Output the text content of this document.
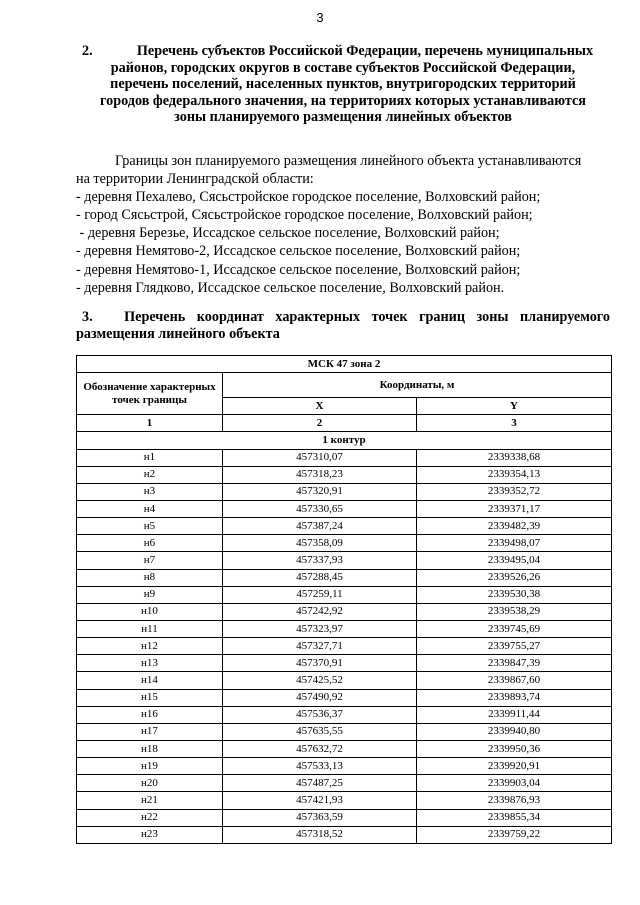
3
2.	Перечень субъектов Российской Федерации, перечень муниципальных
районов, городских округов в составе субъектов Российской Федерации,
перечень поселений, населенных пунктов, внутригородских территорий
городов федерального значения, на территориях которых устанавливаются
зоны планируемого размещения линейных объектов
Границы зон планируемого размещения линейного объекта устанавливаются
на территории Ленинградской области:
- деревня Пехалево, Сясьстройское городское поселение, Волховский район;
- город Сясьстрой, Сясьстройское городское поселение, Волховский район;
- деревня Березье, Иссадское сельское поселение, Волховский район;
- деревня Немятово-2, Иссадское сельское поселение, Волховский район;
- деревня Немятово-1, Иссадское сельское поселение, Волховский район;
- деревня Глядково, Иссадское сельское поселение, Волховский район.
3. Перечень координат характерных точек границ зоны планируемого
размещения линейного объекта
МСК 47 зона 2		
Обозначение характерных точек границы	Координаты, м	
	X	Y
1	2	3
1 контур		
н1	457310,07	2339338,68
н2	457318,23	2339354,13
н3	457320,91	2339352,72
н4	457330,65	2339371,17
н5	457387,24	2339482,39
н6	457358,09	2339498,07
н7	457337,93	2339495,04
н8	457288,45	2339526,26
н9	457259,11	2339530,38
н10	457242,92	2339538,29
н11	457323,97	2339745,69
н12	457327,71	2339755,27
н13	457370,91	2339847,39
н14	457425,52	2339867,60
н15	457490,92	2339893,74
н16	457536,37	2339911,44
н17	457635,55	2339940,80
н18	457632,72	2339950,36
н19	457533,13	2339920,91
н20	457487,25	2339903,04
н21	457421,93	2339876,93
н22	457363,59	2339855,34
н23	457318,52	2339759,22
